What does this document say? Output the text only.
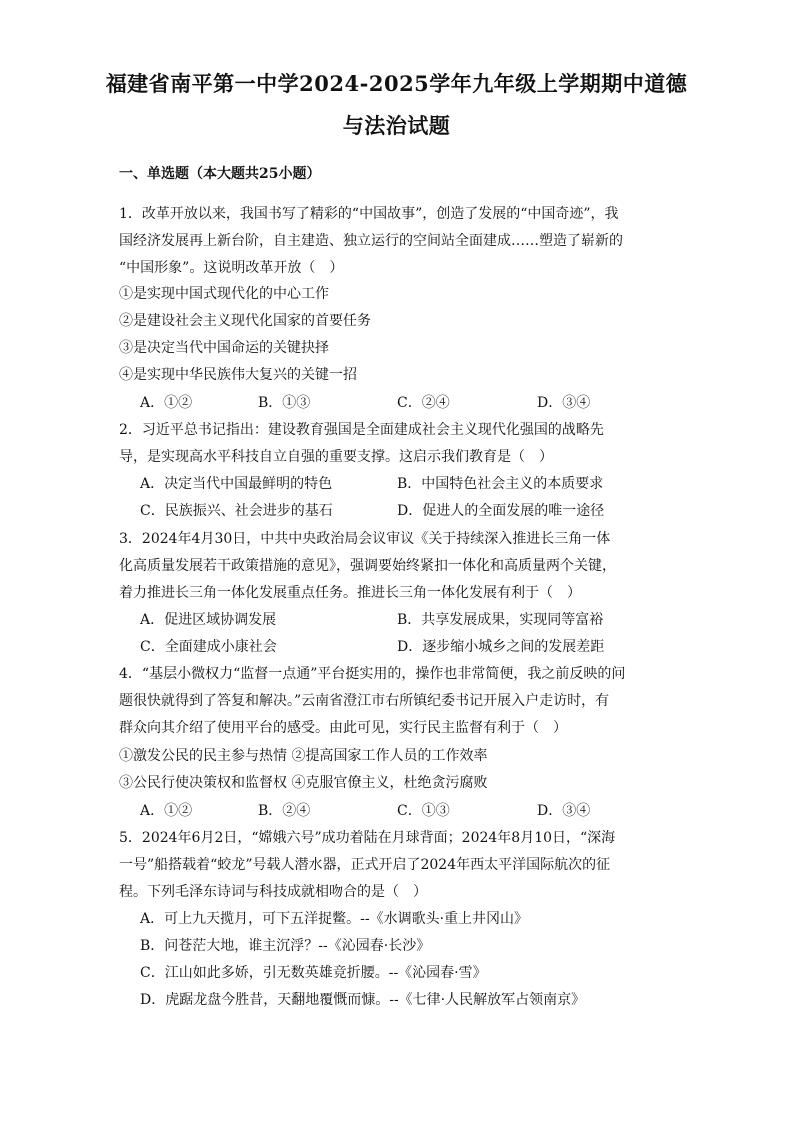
福建省南平第一中学2024-2025学年九年级上学期期中道德
与法治试题
一、单选题（本大题共25小题）
1．改革开放以来，我国书写了精彩的“中国故事”，创造了发展的“中国奇迹”，我
国经济发展再上新台阶，自主建造、独立运行的空间站全面建成……塑造了崭新的
“中国形象”。这说明改革开放（　）
①是实现中国式现代化的中心工作
②是建设社会主义现代化国家的首要任务
③是决定当代中国命运的关键抉择
④是实现中华民族伟大复兴的关键一招
A．①②	B．①③	C．②④	D．③④
2．习近平总书记指出：建设教育强国是全面建成社会主义现代化强国的战略先
导，是实现高水平科技自立自强的重要支撑。这启示我们教育是（　）
A．决定当代中国最鲜明的特色	B．中国特色社会主义的本质要求
C．民族振兴、社会进步的基石	D．促进人的全面发展的唯一途径
3．2024年4月30日，中共中央政治局会议审议《关于持续深入推进长三角一体
化高质量发展若干政策措施的意见》，强调要始终紧扣一体化和高质量两个关键，
着力推进长三角一体化发展重点任务。推进长三角一体化发展有利于（　）
A．促进区域协调发展	B．共享发展成果，实现同等富裕
C．全面建成小康社会	D．逐步缩小城乡之间的发展差距
4．“基层小微权力“监督一点通”平台挺实用的，操作也非常简便，我之前反映的问
题很快就得到了答复和解决。”云南省澄江市右所镇纪委书记开展入户走访时，有
群众向其介绍了使用平台的感受。由此可见，实行民主监督有利于（　）
①激发公民的民主参与热情 ②提高国家工作人员的工作效率
③公民行使决策权和监督权 ④克服官僚主义，杜绝贪污腐败
A．①②	B．②④	C．①③	D．③④
5．2024年6月2日，“嫦娥六号”成功着陆在月球背面；2024年8月10日，“深海
一号”船搭载着“蛟龙”号载人潜水器，正式开启了2024年西太平洋国际航次的征
程。下列毛泽东诗词与科技成就相吻合的是（　）
A．可上九天揽月，可下五洋捉鳖。--《水调歌头·重上井冈山》
B．问苍茫大地，谁主沉浮？--《沁园春·长沙》
C．江山如此多娇，引无数英雄竞折腰。--《沁园春·雪》
D．虎踞龙盘今胜昔，天翻地覆慨而慷。--《七律·人民解放军占领南京》
